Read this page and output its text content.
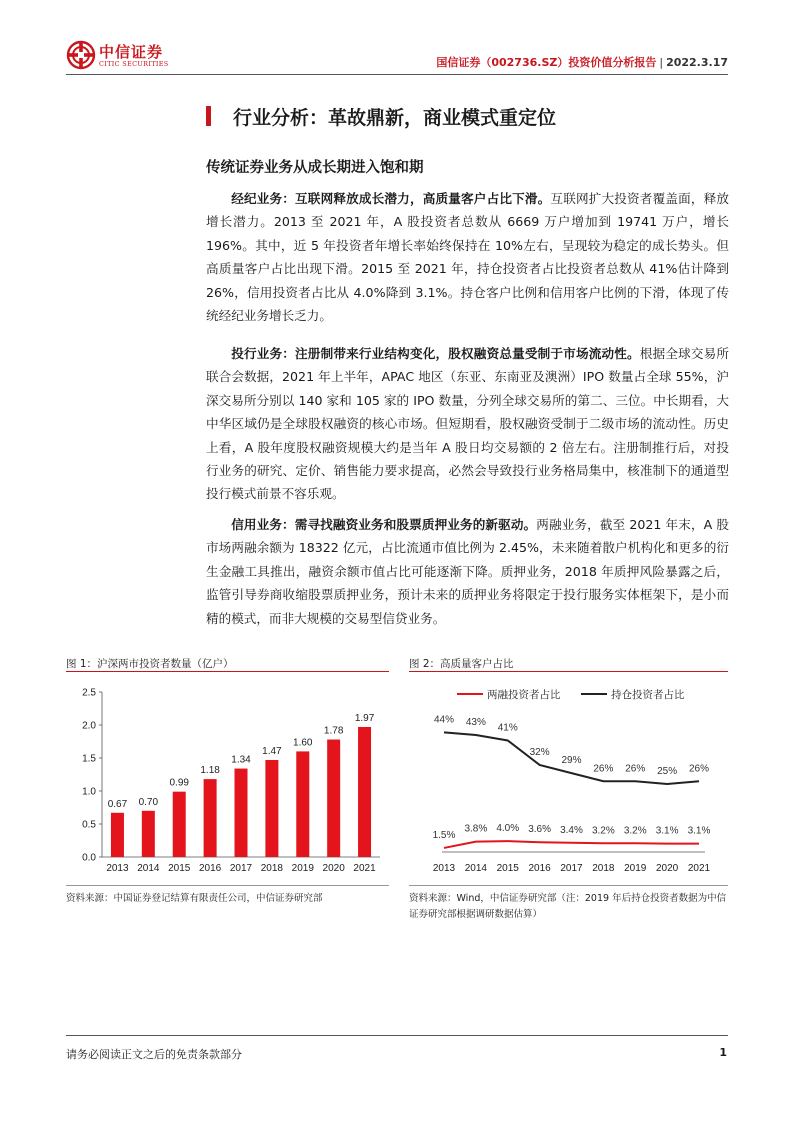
中信证券
CITIC SECURITIES	国信证券（002736.SZ）投资价值分析报告 | 2022.3.17
行业分析：革故鼎新，商业模式重定位
传统证券业务从成长期进入饱和期

经纪业务：互联网释放成长潜力，高质量客户占比下滑。互联网扩大投资者覆盖面，释放增长潜力。2013 至 2021 年，A 股投资者总数从 6669 万户增加到 19741 万户，增长 196%。其中，近 5 年投资者年增长率始终保持在 10%左右，呈现较为稳定的成长势头。但高质量客户占比出现下滑。2015 至 2021 年，持仓投资者占比投资者总数从 41%估计降到 26%，信用投资者占比从 4.0%降到 3.1%。持仓客户比例和信用客户比例的下滑，体现了传统经纪业务增长乏力。

投行业务：注册制带来行业结构变化，股权融资总量受制于市场流动性。根据全球交易所联合会数据，2021 年上半年，APAC 地区（东亚、东南亚及澳洲）IPO 数量占全球 55%，沪深交易所分别以 140 家和 105 家的 IPO 数量，分列全球交易所的第二、三位。中长期看，大中华区域仍是全球股权融资的核心市场。但短期看，股权融资受制于二级市场的流动性。历史上看，A 股年度股权融资规模大约是当年 A 股日均交易额的 2 倍左右。注册制推行后，对投行业务的研究、定价、销售能力要求提高，必然会导致投行业务格局集中，核准制下的通道型投行模式前景不容乐观。

信用业务：需寻找融资业务和股票质押业务的新驱动。两融业务，截至 2021 年末，A 股市场两融余额为 18322 亿元，占比流通市值比例为 2.45%，未来随着散户机构化和更多的衍生金融工具推出，融资余额市值占比可能逐渐下降。质押业务，2018 年质押风险暴露之后，监管引导券商收缩股票质押业务，预计未来的质押业务将限定于投行服务实体框架下，是小而精的模式，而非大规模的交易型信贷业务。

图 1：沪深两市投资者数量（亿户）
0.0
0.5
1.0
1.5
2.0
2.5
0.67
2013
0.70
2014
0.99
2015
1.18
2016
1.34
2017
1.47
2018
1.60
2019
1.78
2020
1.97
2021
资料来源：中国证券登记结算有限责任公司，中信证券研究部
图 2：高质量客户占比
两融投资者占比	持仓投资者占比
1.5%
3.8% 4.0% 3.6% 3.4% 3.2% 3.2% 3.1% 3.1%
44% 43% 41%
32%
29%
26% 26% 25% 26%
2013 2014 2015 2016 2017 2018 2019 2020 2021
资料来源：Wind，中信证券研究部（注：2019 年后持仓投资者数据为中信证券研究部根据调研数据估算）
请务必阅读正文之后的免责条款部分	1
